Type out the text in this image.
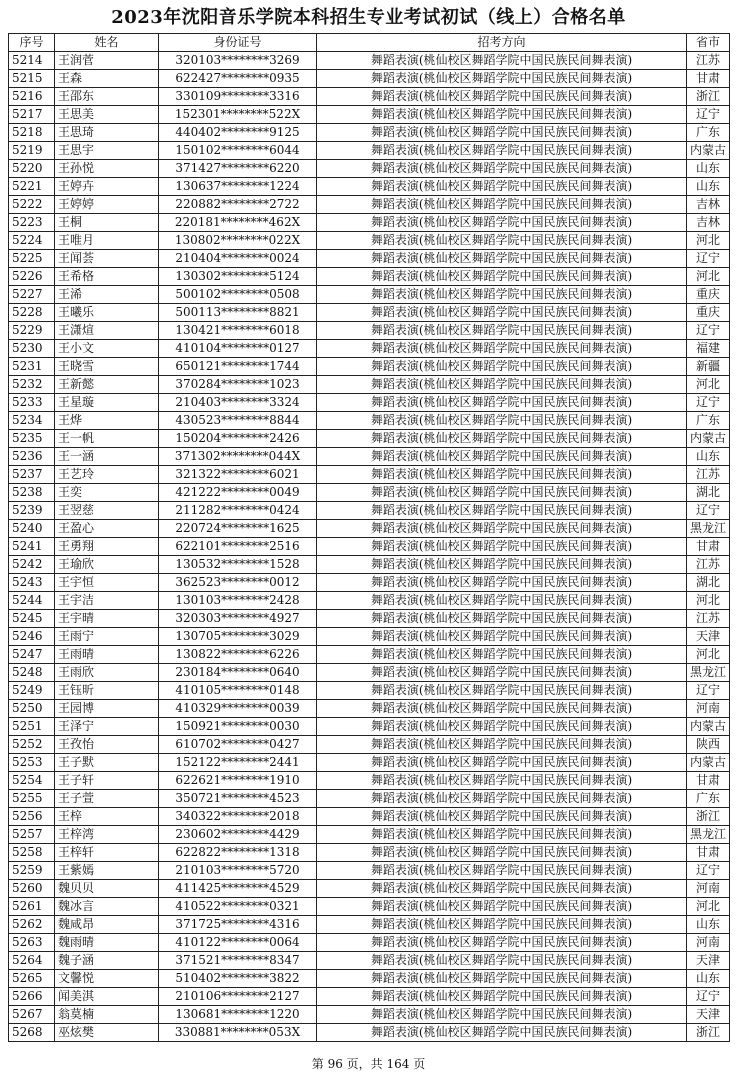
2023年沈阳音乐学院本科招生专业考试初试（线上）合格名单
序号	姓名	身份证号	招考方向	省市
5214	王润菅	320103********3269	舞蹈表演(桃仙校区舞蹈学院中国民族民间舞表演)	江苏
5215	王森	622427********0935	舞蹈表演(桃仙校区舞蹈学院中国民族民间舞表演)	甘肃
5216	王邵东	330109********3316	舞蹈表演(桃仙校区舞蹈学院中国民族民间舞表演)	浙江
5217	王思美	152301********522X	舞蹈表演(桃仙校区舞蹈学院中国民族民间舞表演)	辽宁
5218	王思琦	440402********9125	舞蹈表演(桃仙校区舞蹈学院中国民族民间舞表演)	广东
5219	王思宇	150102********6044	舞蹈表演(桃仙校区舞蹈学院中国民族民间舞表演)	内蒙古
5220	王孙悦	371427********6220	舞蹈表演(桃仙校区舞蹈学院中国民族民间舞表演)	山东
5221	王婷卉	130637********1224	舞蹈表演(桃仙校区舞蹈学院中国民族民间舞表演)	山东
5222	王婷婷	220882********2722	舞蹈表演(桃仙校区舞蹈学院中国民族民间舞表演)	吉林
5223	王桐	220181********462X	舞蹈表演(桃仙校区舞蹈学院中国民族民间舞表演)	吉林
5224	王唯月	130802********022X	舞蹈表演(桃仙校区舞蹈学院中国民族民间舞表演)	河北
5225	王闻荟	210404********0024	舞蹈表演(桃仙校区舞蹈学院中国民族民间舞表演)	辽宁
5226	王希格	130302********5124	舞蹈表演(桃仙校区舞蹈学院中国民族民间舞表演)	河北
5227	王浠	500102********0508	舞蹈表演(桃仙校区舞蹈学院中国民族民间舞表演)	重庆
5228	王曦乐	500113********8821	舞蹈表演(桃仙校区舞蹈学院中国民族民间舞表演)	重庆
5229	王潇煊	130421********6018	舞蹈表演(桃仙校区舞蹈学院中国民族民间舞表演)	辽宁
5230	王小文	410104********0127	舞蹈表演(桃仙校区舞蹈学院中国民族民间舞表演)	福建
5231	王晓雪	650121********1744	舞蹈表演(桃仙校区舞蹈学院中国民族民间舞表演)	新疆
5232	王新懿	370284********1023	舞蹈表演(桃仙校区舞蹈学院中国民族民间舞表演)	河北
5233	王星璇	210403********3324	舞蹈表演(桃仙校区舞蹈学院中国民族民间舞表演)	辽宁
5234	王烨	430523********8844	舞蹈表演(桃仙校区舞蹈学院中国民族民间舞表演)	广东
5235	王一帆	150204********2426	舞蹈表演(桃仙校区舞蹈学院中国民族民间舞表演)	内蒙古
5236	王一涵	371302********044X	舞蹈表演(桃仙校区舞蹈学院中国民族民间舞表演)	山东
5237	王艺玲	321322********6021	舞蹈表演(桃仙校区舞蹈学院中国民族民间舞表演)	江苏
5238	王奕	421222********0049	舞蹈表演(桃仙校区舞蹈学院中国民族民间舞表演)	湖北
5239	王翌慈	211282********0424	舞蹈表演(桃仙校区舞蹈学院中国民族民间舞表演)	辽宁
5240	王盈心	220724********1625	舞蹈表演(桃仙校区舞蹈学院中国民族民间舞表演)	黑龙江
5241	王勇翔	622101********2516	舞蹈表演(桃仙校区舞蹈学院中国民族民间舞表演)	甘肃
5242	王瑜欣	130532********1528	舞蹈表演(桃仙校区舞蹈学院中国民族民间舞表演)	江苏
5243	王宇恒	362523********0012	舞蹈表演(桃仙校区舞蹈学院中国民族民间舞表演)	湖北
5244	王宇洁	130103********2428	舞蹈表演(桃仙校区舞蹈学院中国民族民间舞表演)	河北
5245	王宇晴	320303********4927	舞蹈表演(桃仙校区舞蹈学院中国民族民间舞表演)	江苏
5246	王雨宁	130705********3029	舞蹈表演(桃仙校区舞蹈学院中国民族民间舞表演)	天津
5247	王雨晴	130822********6226	舞蹈表演(桃仙校区舞蹈学院中国民族民间舞表演)	河北
5248	王雨欣	230184********0640	舞蹈表演(桃仙校区舞蹈学院中国民族民间舞表演)	黑龙江
5249	王钰昕	410105********0148	舞蹈表演(桃仙校区舞蹈学院中国民族民间舞表演)	辽宁
5250	王园博	410329********0039	舞蹈表演(桃仙校区舞蹈学院中国民族民间舞表演)	河南
5251	王泽宁	150921********0030	舞蹈表演(桃仙校区舞蹈学院中国民族民间舞表演)	内蒙古
5252	王孜怡	610702********0427	舞蹈表演(桃仙校区舞蹈学院中国民族民间舞表演)	陕西
5253	王子默	152122********2441	舞蹈表演(桃仙校区舞蹈学院中国民族民间舞表演)	内蒙古
5254	王子轩	622621********1910	舞蹈表演(桃仙校区舞蹈学院中国民族民间舞表演)	甘肃
5255	王子萱	350721********4523	舞蹈表演(桃仙校区舞蹈学院中国民族民间舞表演)	广东
5256	王梓	340322********2018	舞蹈表演(桃仙校区舞蹈学院中国民族民间舞表演)	浙江
5257	王梓湾	230602********4429	舞蹈表演(桃仙校区舞蹈学院中国民族民间舞表演)	黑龙江
5258	王梓轩	622822********1318	舞蹈表演(桃仙校区舞蹈学院中国民族民间舞表演)	甘肃
5259	王紫嫣	210103********5720	舞蹈表演(桃仙校区舞蹈学院中国民族民间舞表演)	辽宁
5260	魏贝贝	411425********4529	舞蹈表演(桃仙校区舞蹈学院中国民族民间舞表演)	河南
5261	魏冰言	410522********0321	舞蹈表演(桃仙校区舞蹈学院中国民族民间舞表演)	河北
5262	魏咸昂	371725********4316	舞蹈表演(桃仙校区舞蹈学院中国民族民间舞表演)	山东
5263	魏雨晴	410122********0064	舞蹈表演(桃仙校区舞蹈学院中国民族民间舞表演)	河南
5264	魏子涵	371521********8347	舞蹈表演(桃仙校区舞蹈学院中国民族民间舞表演)	天津
5265	文馨悦	510402********3822	舞蹈表演(桃仙校区舞蹈学院中国民族民间舞表演)	山东
5266	闻美淇	210106********2127	舞蹈表演(桃仙校区舞蹈学院中国民族民间舞表演)	辽宁
5267	翁莫楠	130681********1220	舞蹈表演(桃仙校区舞蹈学院中国民族民间舞表演)	天津
5268	巫炫樊	330881********053X	舞蹈表演(桃仙校区舞蹈学院中国民族民间舞表演)	浙江
第 96 页，共 164 页
